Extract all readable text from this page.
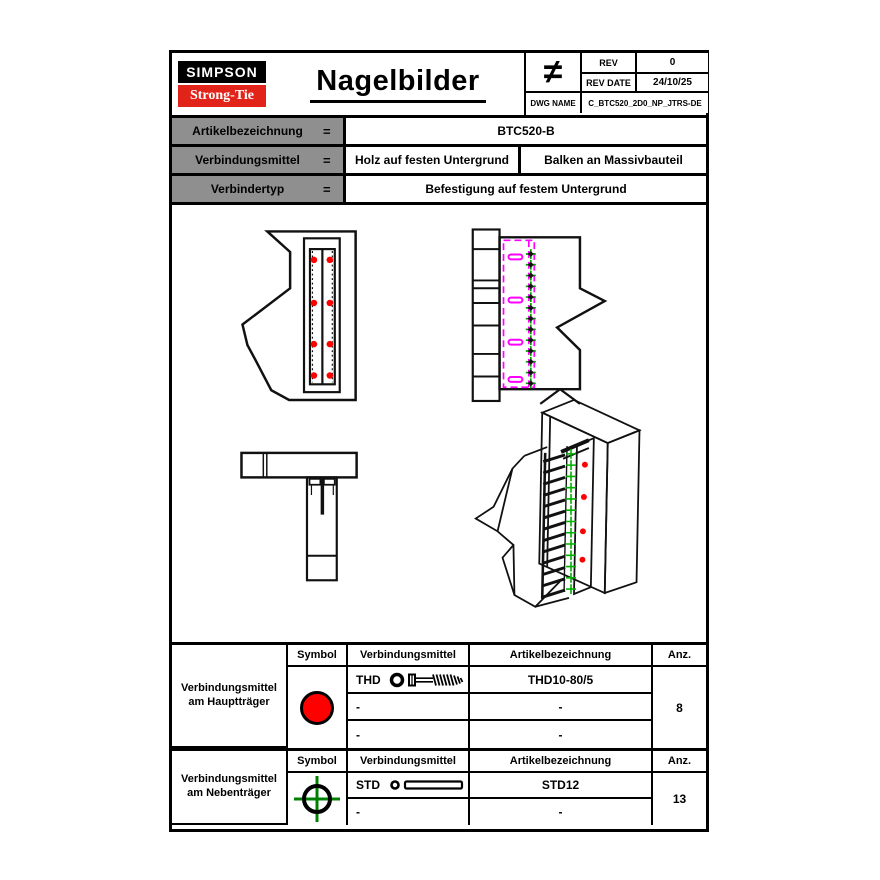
SIMPSON
Strong-Tie	Nagelbilder	≠	REV	0
REV DATE	24/10/25
DWG NAME	C_BTC520_2D0_NP_JTRS-DE
Artikelbezeichnung	=	BTC520-B
Verbindungsmittel	=	Holz auf festen Untergrund	Balken an Massivbauteil
Verbindertyp	=	Befestigung auf festem Untergrund
Verbindungsmittel am Hauptträger
Symbol	Verbindungsmittel	Artikelbezeichnung	Anz.
THD	THD10-80/5
-	-
-	-
8
Verbindungsmittel am Nebenträger
Symbol	Verbindungsmittel	Artikelbezeichnung	Anz.
STD	STD12
-	-
13
